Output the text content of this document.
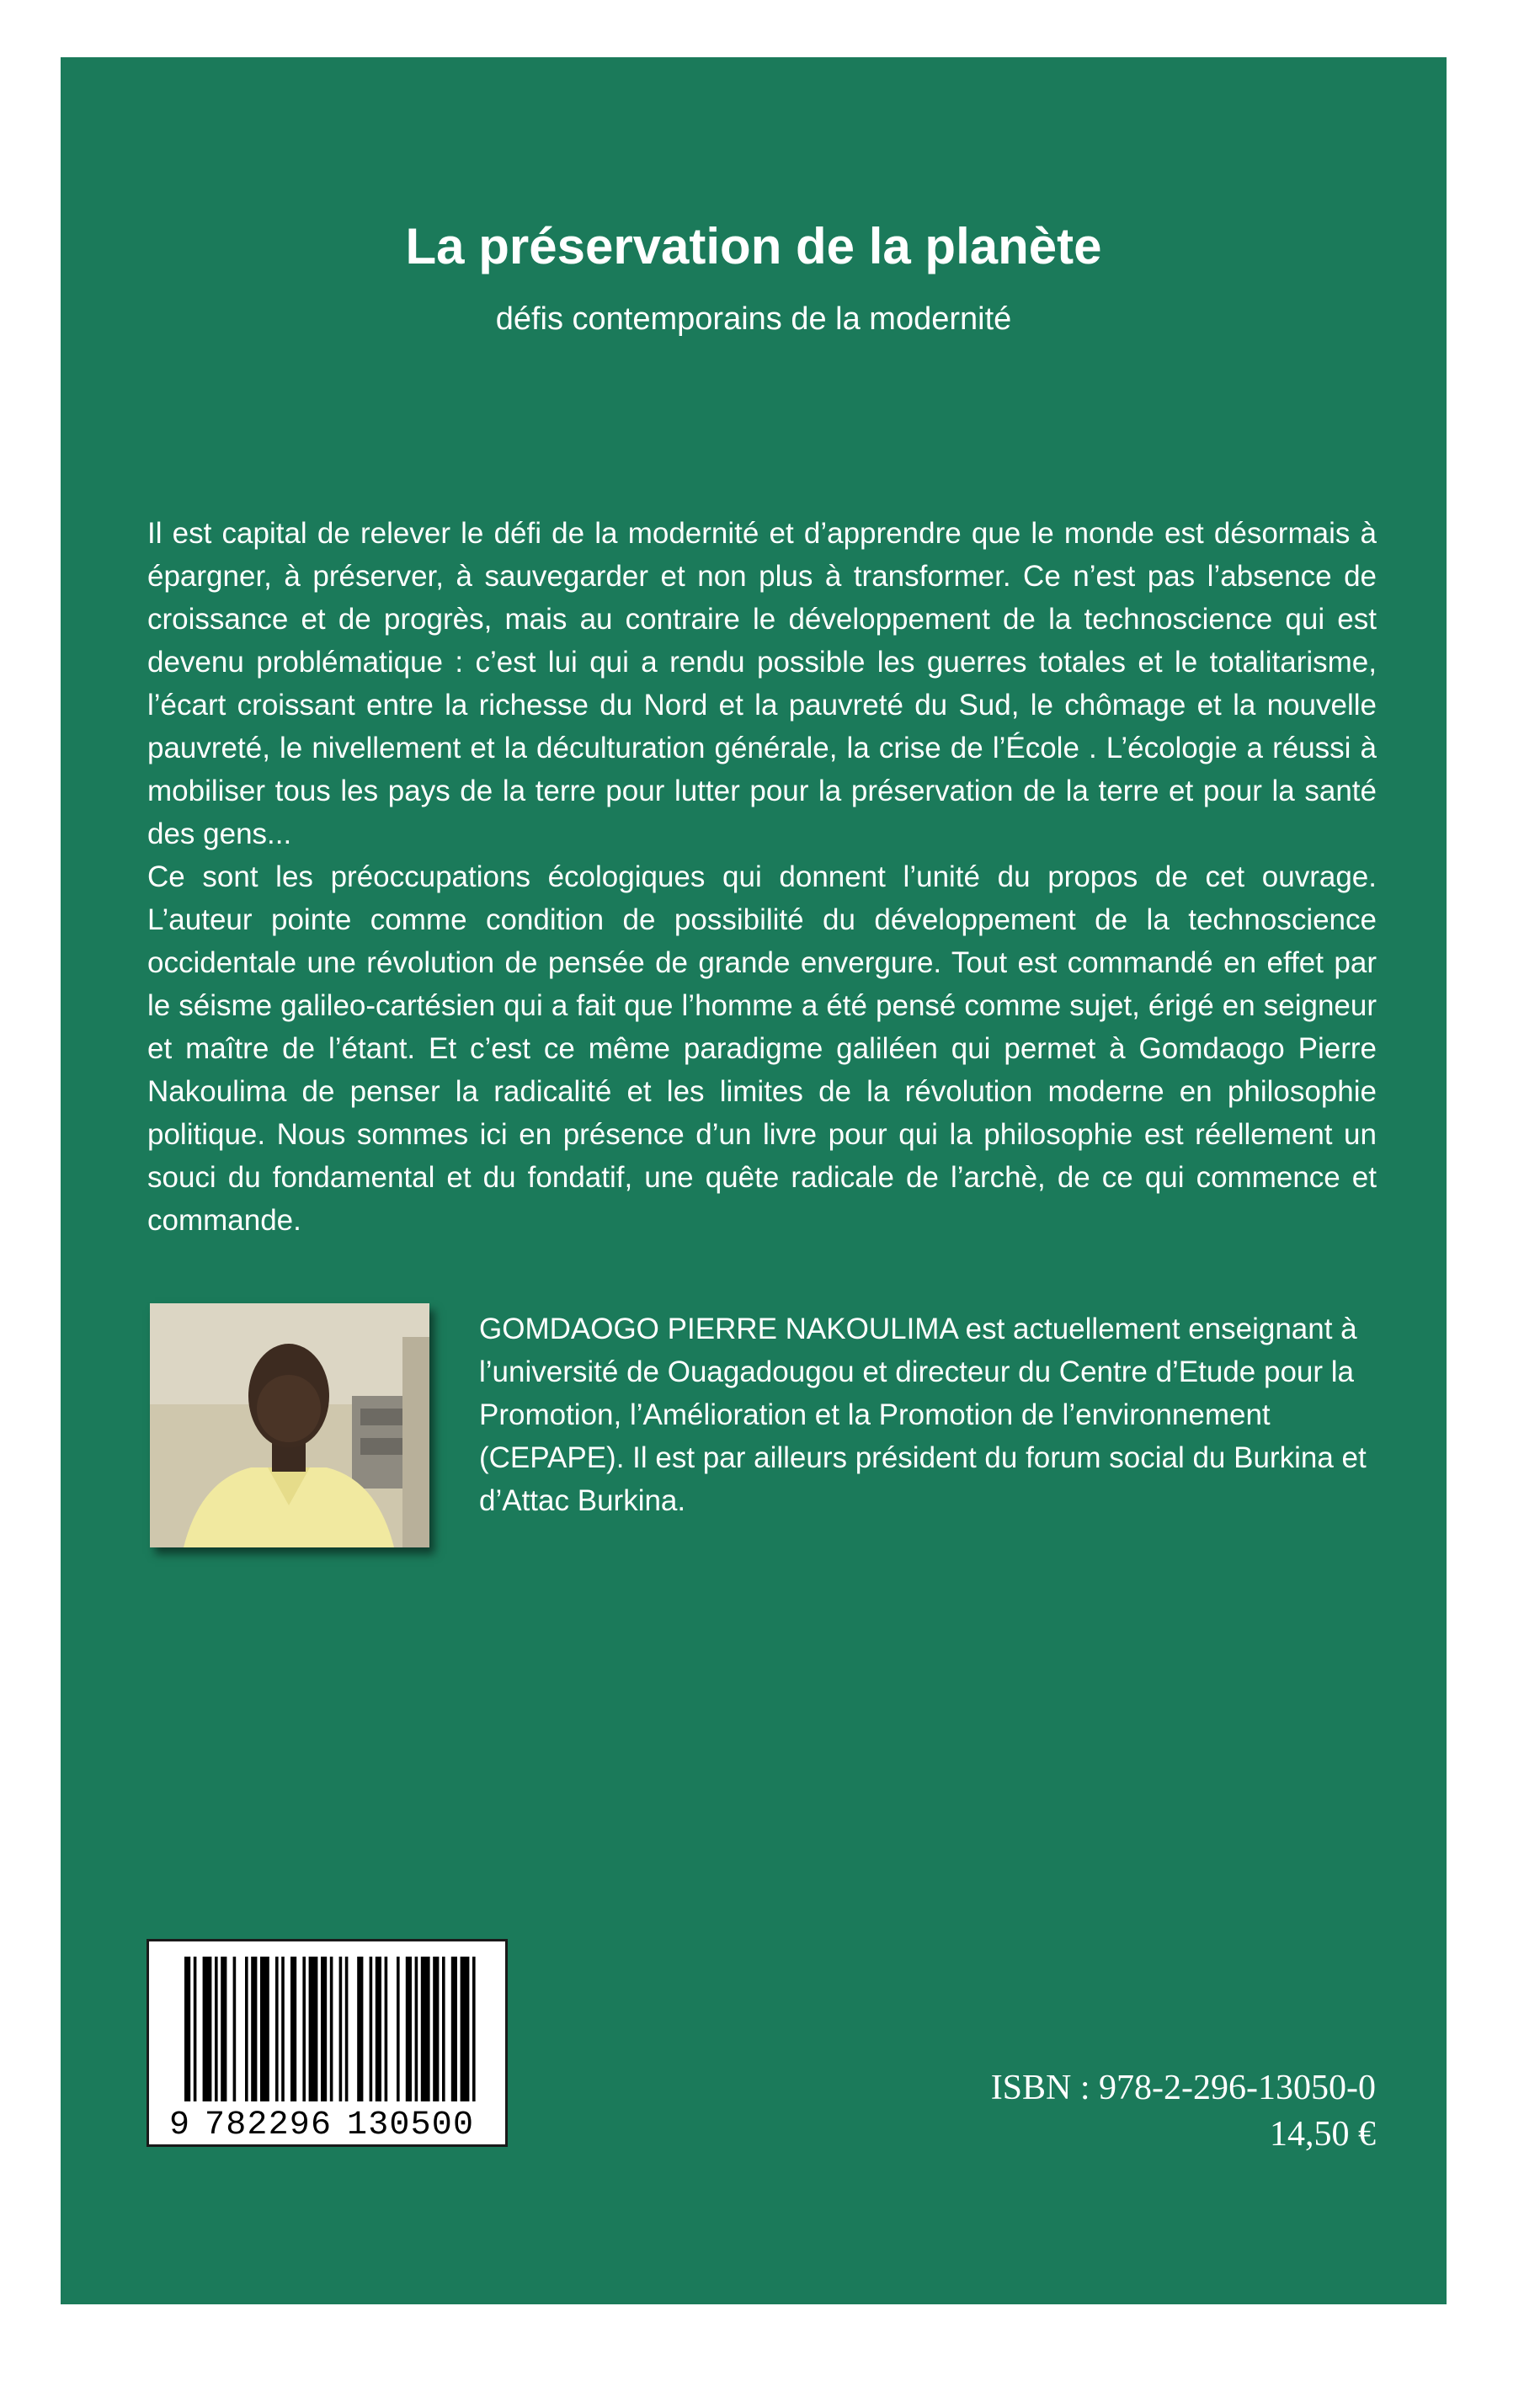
La préservation de la planète
défis contemporains de la modernité

Il est capital de relever le défi de la modernité et d’apprendre que le monde est désormais à épargner, à préserver, à sauvegarder et non plus à transformer. Ce n’est pas l’absence de croissance et de progrès, mais au contraire le développement de la technoscience qui est devenu problématique : c’est lui qui a rendu possible les guerres totales et le totalitarisme, l’écart croissant entre la richesse du Nord et la pauvreté du Sud, le chômage et la nouvelle pauvreté, le nivellement et la déculturation générale, la crise de l’École . L’écologie a réussi à mobiliser tous les pays de la terre pour lutter pour la préservation de la terre et pour la santé des gens...

Ce sont les préoccupations écologiques qui donnent l’unité du propos de cet ouvrage. L’auteur pointe comme condition de possibilité du développement de la technoscience occidentale une révolution de pensée de grande envergure. Tout est commandé en effet par le séisme galileo-cartésien qui a fait que l’homme a été pensé comme sujet, érigé en seigneur et maître de l’étant. Et c’est ce même paradigme galiléen qui permet à Gomdaogo Pierre Nakoulima de penser la radicalité et les limites de la révolution moderne en philosophie politique. Nous sommes ici en présence d’un livre pour qui la philosophie est réellement un souci du fondamental et du fondatif, une quête radicale de l’archè, de ce qui commence et commande.

GOMDAOGO PIERRE NAKOULIMA est actuellement enseignant à l’université de Ouagadougou et directeur du Centre d’Etude pour la Promotion, l’Amélioration et la Promotion de l’environnement (CEPAPE). Il est par ailleurs président du forum social du Burkina et d’Attac Burkina.

9 782296 130500
ISBN : 978-2-296-13050-0
14,50 €
